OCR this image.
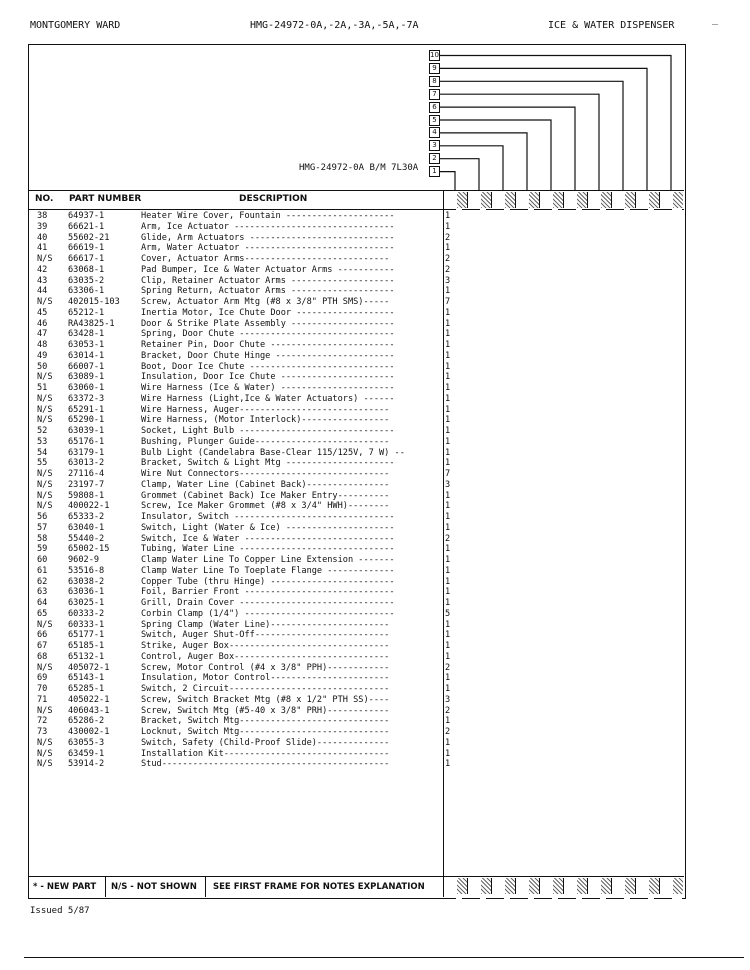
MONTGOMERY WARD	HMG-24972-0A,-2A,-3A,-5A,-7A	ICE & WATER DISPENSER
_
10
9
8
7
6
5
4
3
2
1
HMG-24972-0A B/M 7L30A
NO. PART NUMBER	DESCRIPTION
38 64937-1	Heater Wire Cover, Fountain ---------------------	1
39 66621-1	Arm, Ice Actuator -------------------------------	1
40 55602-21	Glide, Arm Actuators ----------------------------	2
41 66619-1	Arm, Water Actuator -----------------------------	1
N/S 66617-1	Cover, Actuator Arms----------------------------	2
42 63068-1	Pad Bumper, Ice & Water Actuator Arms -----------	2
43 63035-2	Clip, Retainer Actuator Arms --------------------	3
44 63306-1	Spring Return, Actuator Arms --------------------	1
N/S 402015-103 Screw, Actuator Arm Mtg (#8 x 3/8" PTH SMS)-----	7
45 65212-1	Inertia Motor, Ice Chute Door -------------------	1
46 RA43825-1	Door & Strike Plate Assembly --------------------	1
47 63428-1	Spring, Door Chute ------------------------------	1
48 63053-1	Retainer Pin, Door Chute ------------------------	1
49 63014-1	Bracket, Door Chute Hinge -----------------------	1
50 66007-1	Boot, Door Ice Chute ----------------------------	1
N/S 63089-1	Insulation, Door Ice Chute ----------------------	1
51 63060-1	Wire Harness (Ice & Water) ----------------------	1
N/S 63372-3	Wire Harness (Light,Ice & Water Actuators) ------	1
N/S 65291-1	Wire Harness, Auger-----------------------------	1
N/S 65290-1	Wire Harness, (Motor Interlock)-----------------	1
52 63039-1	Socket, Light Bulb ------------------------------	1
53 65176-1	Bushing, Plunger Guide--------------------------	1
54 63179-1	Bulb Light (Candelabra Base-Clear 115/125V, 7 W) --	1
55 63013-2	Bracket, Switch & Light Mtg ---------------------	1
N/S 27116-4	Wire Nut Connectors-----------------------------	7
N/S 23197-7	Clamp, Water Line (Cabinet Back)----------------	3
N/S 59808-1	Grommet (Cabinet Back) Ice Maker Entry----------	1
N/S 400022-1	Screw, Ice Maker Grommet (#8 x 3/4" HWH)--------	1
56 65333-2	Insulator, Switch -------------------------------	1
57 63040-1	Switch, Light (Water & Ice) ---------------------	1
58 55440-2	Switch, Ice & Water -----------------------------	2
59 65002-15	Tubing, Water Line ------------------------------	1
60 9602-9	Clamp Water Line To Copper Line Extension -------	1
61 53516-8	Clamp Water Line To Toeplate Flange -------------	1
62 63038-2	Copper Tube (thru Hinge) ------------------------	1
63 63036-1	Foil, Barrier Front -----------------------------	1
64 63025-1	Grill, Drain Cover ------------------------------	1
65 60333-2	Corbin Clamp (1/4") -----------------------------	5
N/S 60333-1	Spring Clamp (Water Line)-----------------------	1
66 65177-1	Switch, Auger Shut-Off--------------------------	1
67 65185-1	Strike, Auger Box-------------------------------	1
68 65132-1	Control, Auger Box------------------------------	1
N/S 405072-1	Screw, Motor Control (#4 x 3/8" PPH)------------	2
69 65143-1	Insulation, Motor Control-----------------------	1
70 65285-1	Switch, 2 Circuit-------------------------------	1
71 405022-1	Screw, Switch Bracket Mtg (#8 x 1/2" PTH SS)----	3
N/S 406043-1	Screw, Switch Mtg (#5-40 x 3/8" PRH)------------	2
72 65286-2	Bracket, Switch Mtg-----------------------------	1
73 430002-1	Locknut, Switch Mtg-----------------------------	2
N/S 63055-3	Switch, Safety (Child-Proof Slide)--------------	1
N/S 63459-1	Installation Kit--------------------------------	1
N/S 53914-2	Stud--------------------------------------------	1
* - NEW PART N/S - NOT SHOWN SEE FIRST FRAME FOR NOTES EXPLANATION
Issued 5/87
